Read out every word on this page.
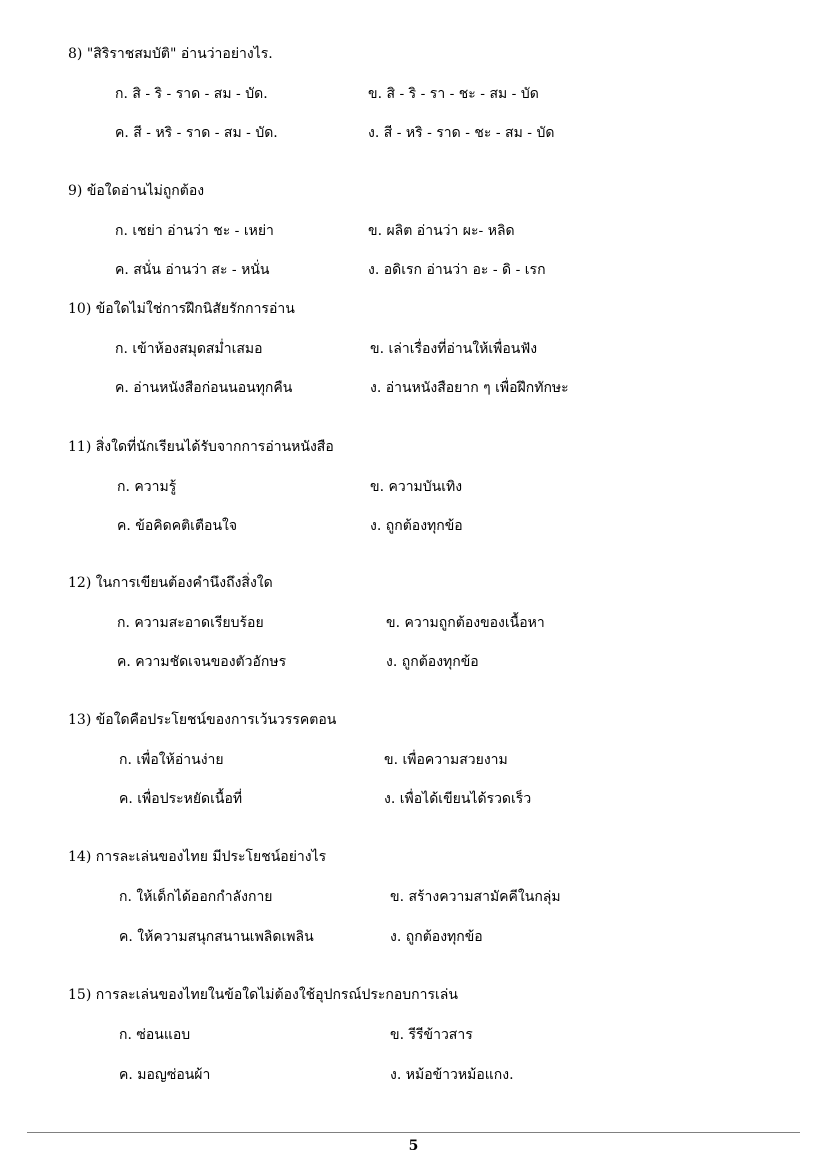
8) "สิริราชสมบัติ" อ่านว่าอย่างไร.
ก. สิ - ริ - ราด - สม - บัด.	ข. สิ - ริ - รา - ชะ - สม - บัด
ค. สี - หริ - ราด - สม - บัด.	ง. สี - หริ - ราด - ชะ - สม - บัด
9) ข้อใดอ่านไม่ถูกต้อง
ก. เชย่า อ่านว่า ชะ - เหย่า	ข. ผลิต อ่านว่า ผะ- หลิด
ค. สนั่น อ่านว่า สะ - หนั่น	ง. อดิเรก อ่านว่า อะ - ดิ - เรก
10) ข้อใดไม่ใช่การฝึกนิสัยรักการอ่าน
ก. เข้าห้องสมุดสม่ำเสมอ	ข. เล่าเรื่องที่อ่านให้เพื่อนฟัง
ค. อ่านหนังสือก่อนนอนทุกคืน	ง. อ่านหนังสือยาก ๆ เพื่อฝึกทักษะ
11) สิ่งใดที่นักเรียนได้รับจากการอ่านหนังสือ
ก. ความรู้	ข. ความบันเทิง
ค. ข้อคิดคติเตือนใจ	ง. ถูกต้องทุกข้อ
12) ในการเขียนต้องคำนึงถึงสิ่งใด
ก. ความสะอาดเรียบร้อย	ข. ความถูกต้องของเนื้อหา
ค. ความชัดเจนของตัวอักษร	ง. ถูกต้องทุกข้อ
13) ข้อใดคือประโยชน์ของการเว้นวรรคตอน
ก. เพื่อให้อ่านง่าย	ข. เพื่อความสวยงาม
ค. เพื่อประหยัดเนื้อที่	ง. เพื่อได้เขียนได้รวดเร็ว
14) การละเล่นของไทย มีประโยชน์อย่างไร
ก. ให้เด็กได้ออกกำลังกาย	ข. สร้างความสามัคคีในกลุ่ม
ค. ให้ความสนุกสนานเพลิดเพลิน	ง. ถูกต้องทุกข้อ
15) การละเล่นของไทยในข้อใดไม่ต้องใช้อุปกรณ์ประกอบการเล่น
ก. ซ่อนแอบ	ข. รีรีข้าวสาร
ค. มอญซ่อนผ้า	ง. หม้อข้าวหม้อแกง.
5
